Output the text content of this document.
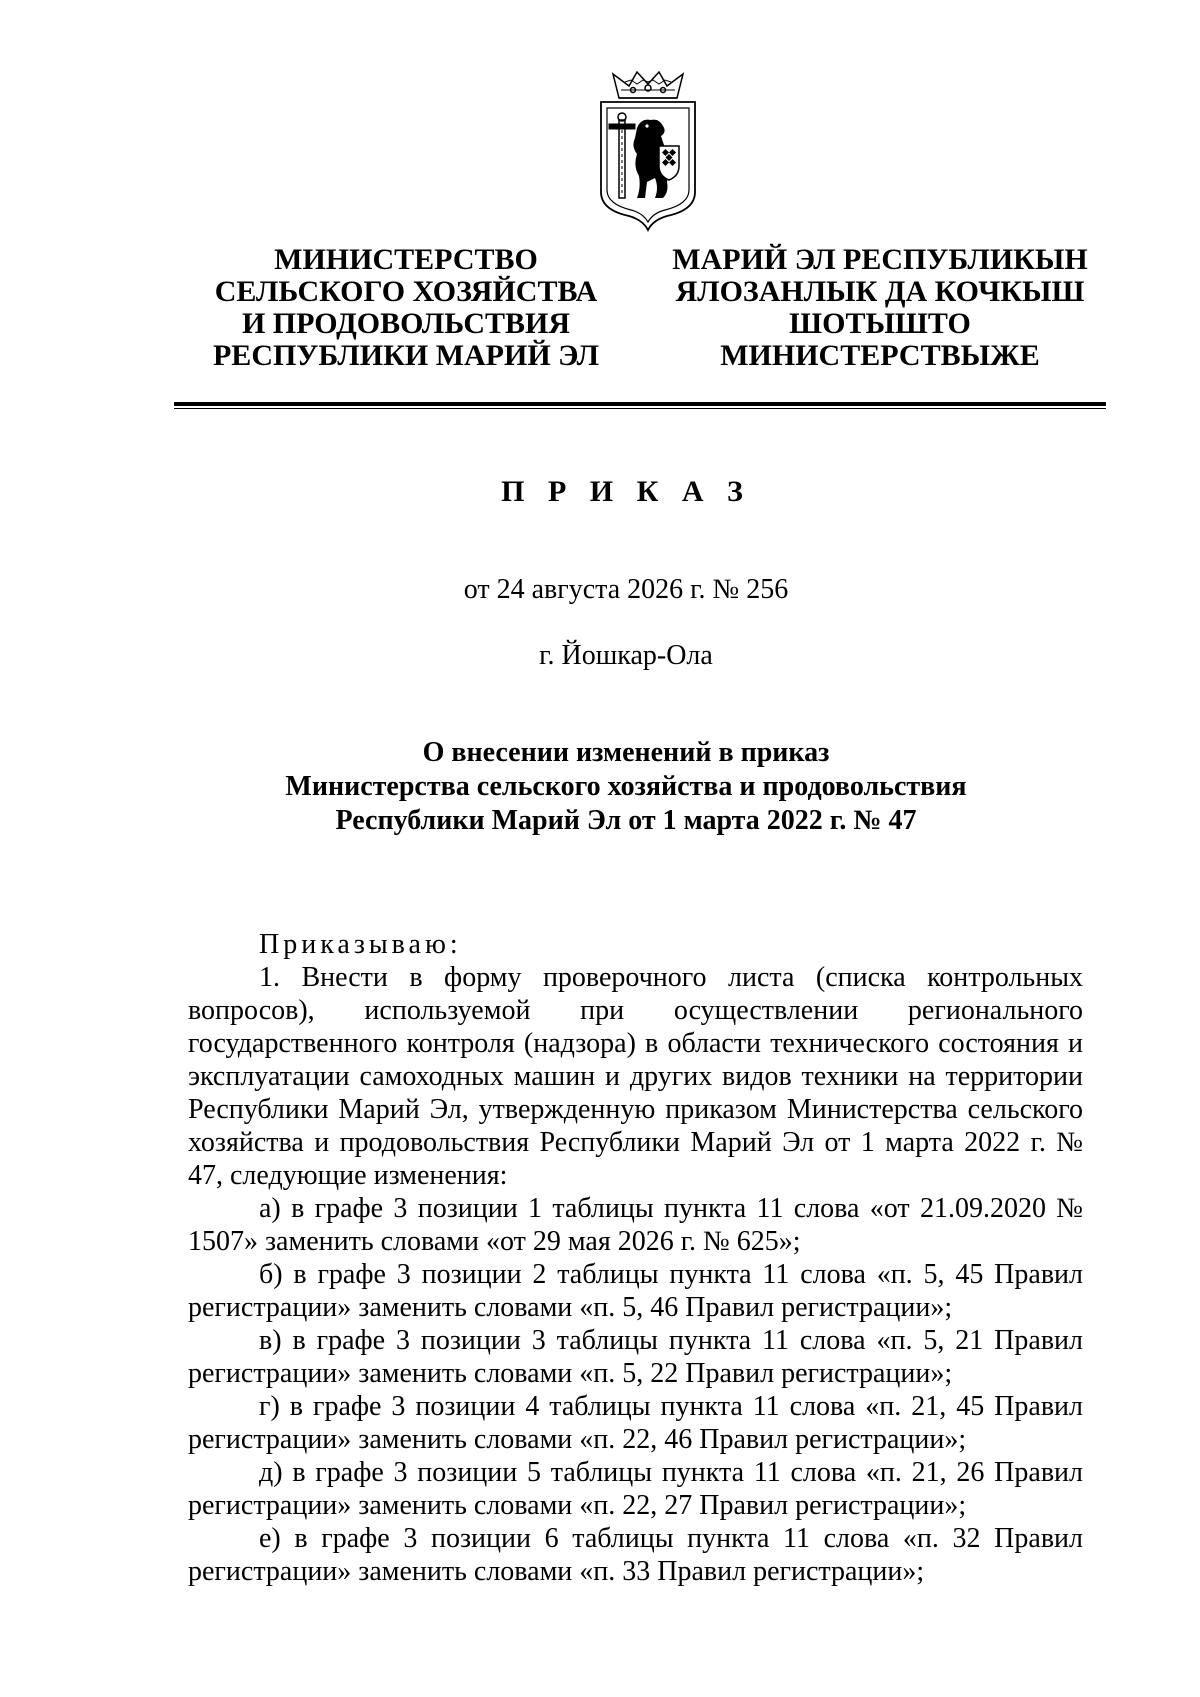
МИНИСТЕРСТВО
СЕЛЬСКОГО ХОЗЯЙСТВА
И ПРОДОВОЛЬСТВИЯ
РЕСПУБЛИКИ МАРИЙ ЭЛ
МАРИЙ ЭЛ РЕСПУБЛИКЫН
ЯЛОЗАНЛЫК ДА КОЧКЫШ
ШОТЫШТО
МИНИСТЕРСТВЫЖЕ
П Р И К А З
от 24 августа 2026 г. № 256
г. Йошкар-Ола
О внесении изменений в приказ
Министерства сельского хозяйства и продовольствия
Республики Марий Эл от 1 марта 2022 г. № 47

Приказываю:

1. Внести в форму проверочного листа (списка контрольных вопросов), используемой при осуществлении регионального государственного контроля (надзора) в области технического состояния и эксплуатации самоходных машин и других видов техники на территории Республики Марий Эл, утвержденную приказом Министерства сельского хозяйства и продовольствия Республики Марий Эл от 1 марта 2022 г. № 47, следующие изменения:

а) в графе 3 позиции 1 таблицы пункта 11 слова «от 21.09.2020 № 1507» заменить словами «от 29 мая 2026 г. № 625»;

б) в графе 3 позиции 2 таблицы пункта 11 слова «п. 5, 45 Правил регистрации» заменить словами «п. 5, 46 Правил регистрации»;

в) в графе 3 позиции 3 таблицы пункта 11 слова «п. 5, 21 Правил регистрации» заменить словами «п. 5, 22 Правил регистрации»;

г) в графе 3 позиции 4 таблицы пункта 11 слова «п. 21, 45 Правил регистрации» заменить словами «п. 22, 46 Правил регистрации»;

д) в графе 3 позиции 5 таблицы пункта 11 слова «п. 21, 26 Правил регистрации» заменить словами «п. 22, 27 Правил регистрации»;

е) в графе 3 позиции 6 таблицы пункта 11 слова «п. 32 Правил регистрации» заменить словами «п. 33 Правил регистрации»;
